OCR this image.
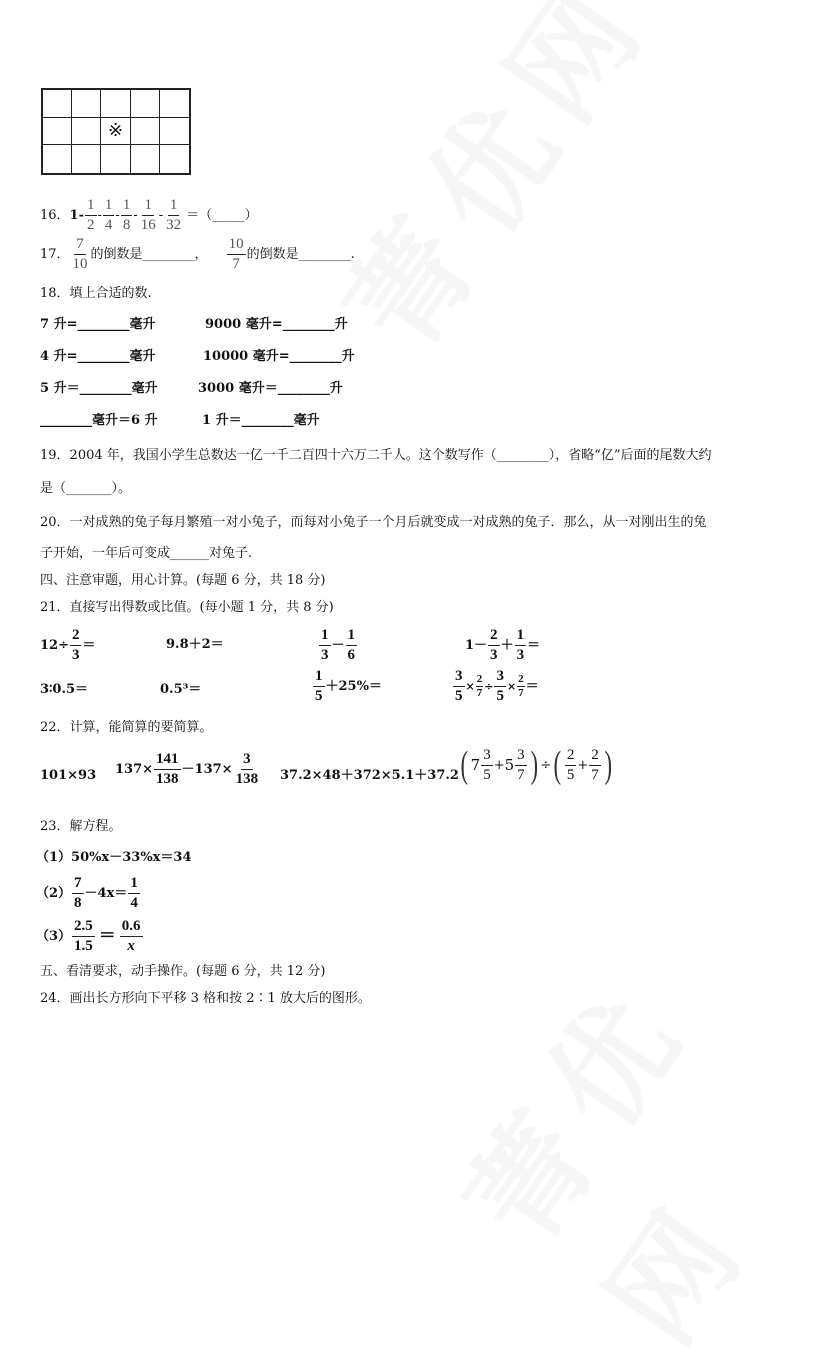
※
16． $1- \frac{1}{2} - \frac{1}{4} - \frac{1}{8} - \frac{1}{16} - \frac{1}{32}$ ＝（_____）
17． $\frac{7}{10}$ 的倒数是________， $\frac{10}{7}$ 的倒数是________.
18．填上合适的数.
7 升=________毫升	9000 毫升=________升
4 升=________毫升	10000 毫升=________升
5 升＝________毫升	3000 毫升＝________升
________毫升＝6 升	1 升＝________毫升
19．2004 年，我国小学生总数达一亿一千二百四十六万二千人。这个数写作（________），省略“亿”后面的尾数大约
是（_______）。
20．一对成熟的兔子每月繁殖一对小兔子，而每对小兔子一个月后就变成一对成熟的兔子．那么，从一对刚出生的兔
子开始，一年后可变成______对兔子.
四、注意审题，用心计算。(每题 6 分，共 18 分)
21．直接写出得数或比值。(每小题 1 分，共 8 分)
$12\div \frac{2}{3}$ ＝	9.8＋2＝	$\frac{1}{3} - \frac{1}{6}$	$1- \frac{2}{3} + \frac{1}{3}$ ＝
3∶0.5＝	0.5³＝	$\frac{1}{5} +25\%=$	$\frac{3}{5} \times \frac{2}{7} \div \frac{3}{5} \times \frac{2}{7}$ ＝
22．计算，能简算的要简算。
101×93 $137\times \frac{141}{138} -137\times \frac{3}{138} 37.2\times 48+372\times 5.1+37.2$ ( $7 \frac{3}{5} + 5 \frac{3}{7}$ ) ÷ ( $\frac{2}{5} + \frac{2}{7}$ )
23．解方程。
（1）50%x－33%x＝34
$(2) \frac{7}{8} -4x= \frac{1}{4}$
$(3) \frac{2.5}{1.5} = \frac{0.6}{x}$
五、看清要求，动手操作。(每题 6 分，共 12 分)
24．画出长方形向下平移 3 格和按 2∶1 放大后的图形。
